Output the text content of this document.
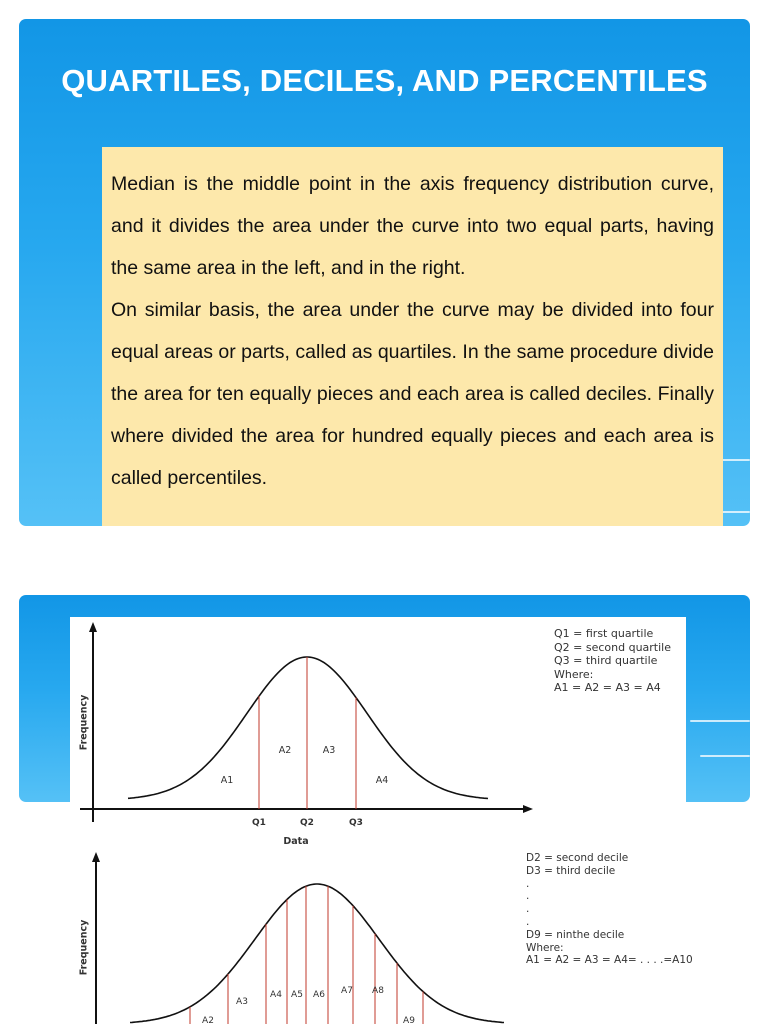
QUARTILES, DECILES, AND PERCENTILES

Median is the middle point in the axis frequency distribution curve, and it divides the area under the curve into two equal parts, having the same area in the left, and in the right.

On similar basis, the area under the curve may be divided into four equal areas or parts, called as quartiles. In the same procedure divide the area for ten equally pieces and each area is called deciles. Finally where divided the area for hundred equally pieces and each area is called percentiles.

Q1	Q2	Q3
A1
A2	A3
A4
Data
Frequency
Q1 = first quartile
Q2 = second quartile
Q3 = third quartile
Where:
A1 = A2 = A3 = A4
A2
A3
A4 A5 A6 A7 A8
A9
Frequency
D2 = second decile
D3 = third decile
.
.
.
.
D9 = ninthe decile
Where:
A1 = A2 = A3 = A4= . . . .=A10
